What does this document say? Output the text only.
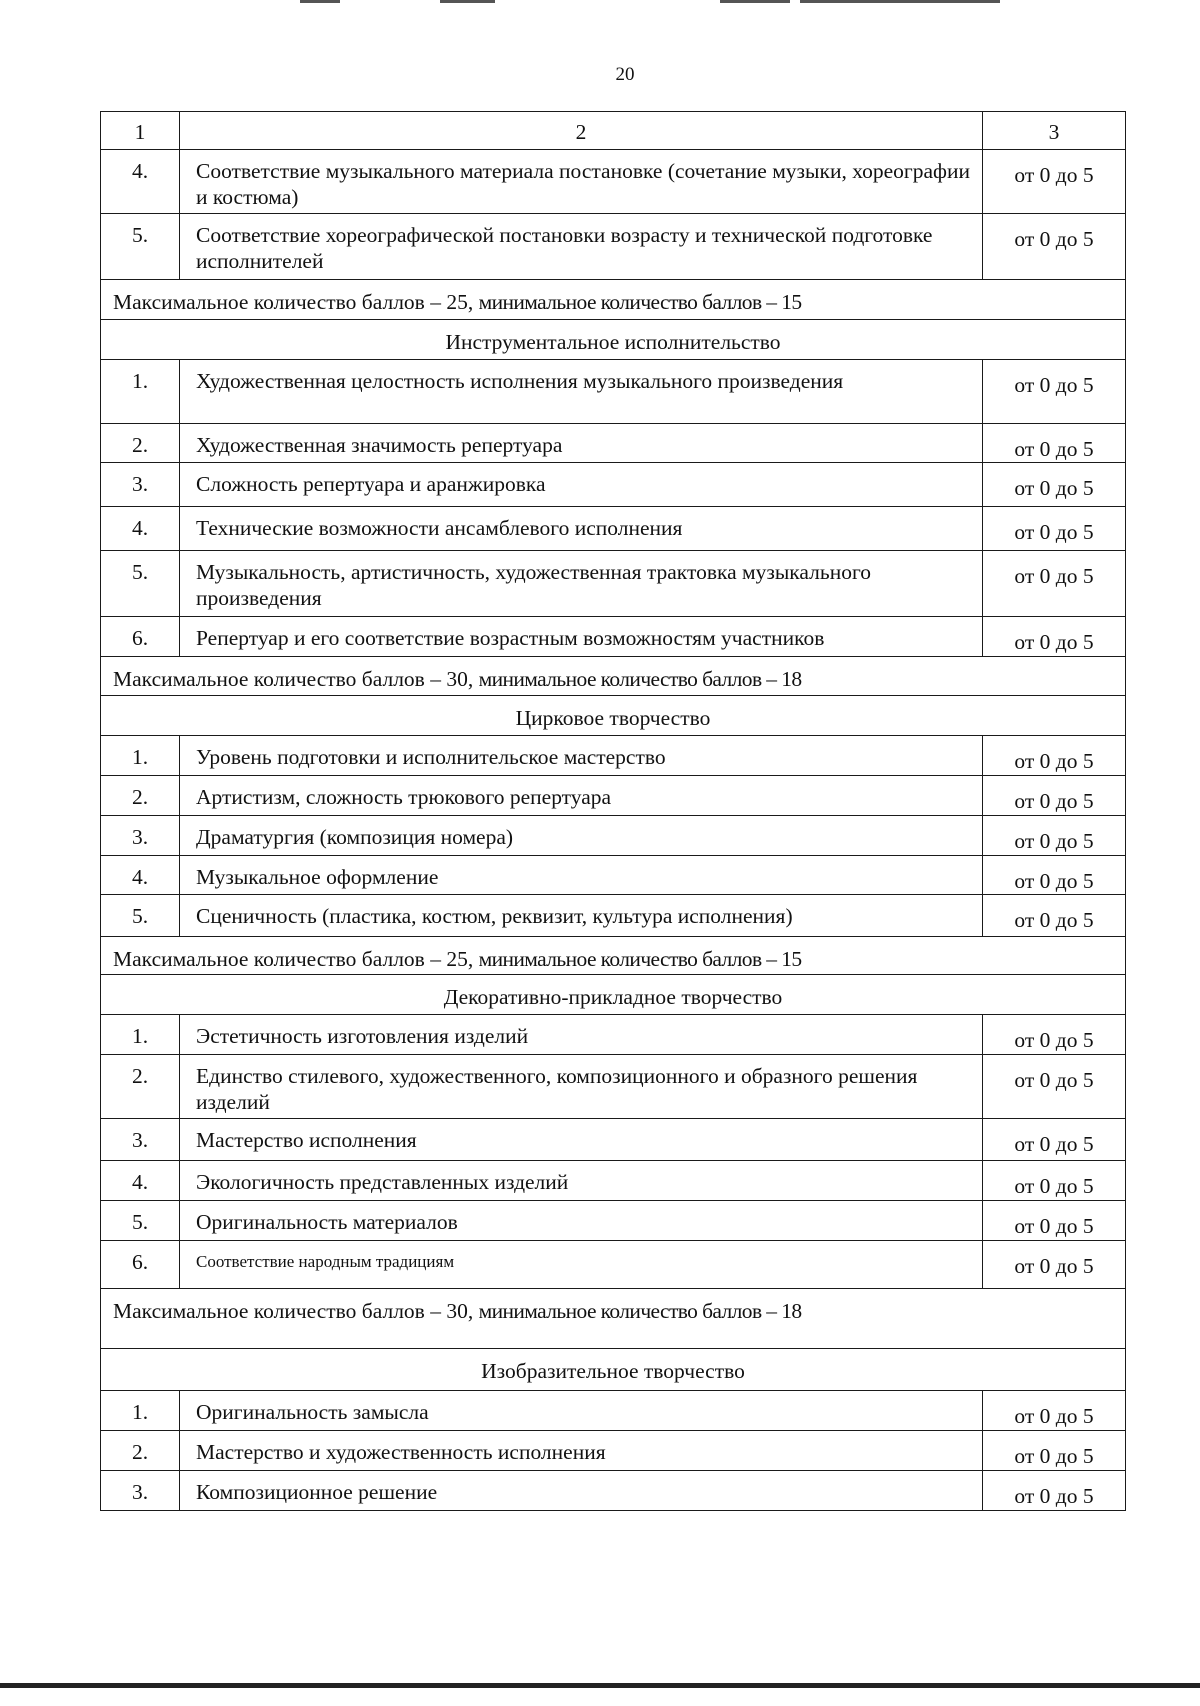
20
1	2	3
4.	Соответствие музыкального материала постановке (сочетание музыки, хореографии и костюма)	от 0 до 5
5.	Соответствие хореографической постановки возрасту и технической подготовке исполнителей	от 0 до 5
Максимальное количество баллов – 25, минимальное количество баллов – 15		
Инструментальное исполнительство		
1.	Художественная целостность исполнения музыкального произведения	от 0 до 5
2.	Художественная значимость репертуара	от 0 до 5
3.	Сложность репертуара и аранжировка	от 0 до 5
4.	Технические возможности ансамблевого исполнения	от 0 до 5
5.	Музыкальность, артистичность, художественная трактовка музыкального произведения	от 0 до 5
6.	Репертуар и его соответствие возрастным возможностям участников	от 0 до 5
Максимальное количество баллов – 30, минимальное количество баллов – 18		
Цирковое творчество		
1.	Уровень подготовки и исполнительское мастерство	от 0 до 5
2.	Артистизм, сложность трюкового репертуара	от 0 до 5
3.	Драматургия (композиция номера)	от 0 до 5
4.	Музыкальное оформление	от 0 до 5
5.	Сценичность (пластика, костюм, реквизит, культура исполнения)	от 0 до 5
Максимальное количество баллов – 25, минимальное количество баллов – 15		
Декоративно-прикладное творчество		
1.	Эстетичность изготовления изделий	от 0 до 5
2.	Единство стилевого, художественного, композиционного и образного решения изделий	от 0 до 5
3.	Мастерство исполнения	от 0 до 5
4.	Экологичность представленных изделий	от 0 до 5
5.	Оригинальность материалов	от 0 до 5
6.	Соответствие народным традициям	от 0 до 5
Максимальное количество баллов – 30, минимальное количество баллов – 18		
Изобразительное творчество		
1.	Оригинальность замысла	от 0 до 5
2.	Мастерство и художественность исполнения	от 0 до 5
3.	Композиционное решение	от 0 до 5
